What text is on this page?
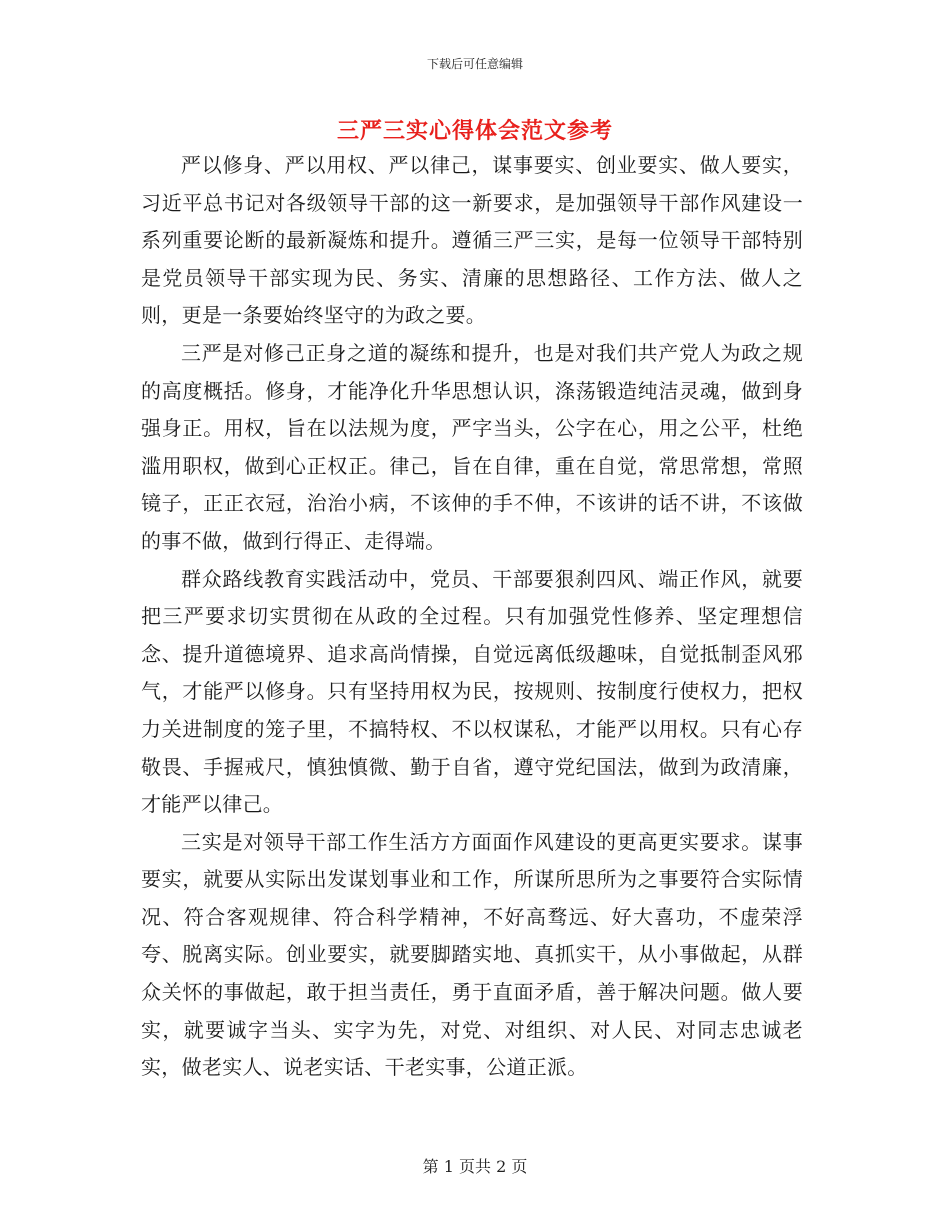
下载后可任意编辑
三严三实心得体会范文参考

严以修身、严以用权、严以律己，谋事要实、创业要实、做人要实，习近平总书记对各级领导干部的这一新要求，是加强领导干部作风建设一系列重要论断的最新凝炼和提升。遵循三严三实，是每一位领导干部特别是党员领导干部实现为民、务实、清廉的思想路径、工作方法、做人之则，更是一条要始终坚守的为政之要。

三严是对修己正身之道的凝练和提升，也是对我们共产党人为政之规的高度概括。修身，才能净化升华思想认识，涤荡锻造纯洁灵魂，做到身强身正。用权，旨在以法规为度，严字当头，公字在心，用之公平，杜绝滥用职权，做到心正权正。律己，旨在自律，重在自觉，常思常想，常照镜子，正正衣冠，治治小病，不该伸的手不伸，不该讲的话不讲，不该做的事不做，做到行得正、走得端。

群众路线教育实践活动中，党员、干部要狠刹四风、端正作风，就要把三严要求切实贯彻在从政的全过程。只有加强党性修养、坚定理想信念、提升道德境界、追求高尚情操，自觉远离低级趣味，自觉抵制歪风邪气，才能严以修身。只有坚持用权为民，按规则、按制度行使权力，把权力关进制度的笼子里，不搞特权、不以权谋私，才能严以用权。只有心存敬畏、手握戒尺，慎独慎微、勤于自省，遵守党纪国法，做到为政清廉，才能严以律己。

三实是对领导干部工作生活方方面面作风建设的更高更实要求。谋事要实，就要从实际出发谋划事业和工作，所谋所思所为之事要符合实际情况、符合客观规律、符合科学精神，不好高骛远、好大喜功，不虚荣浮夸、脱离实际。创业要实，就要脚踏实地、真抓实干，从小事做起，从群众关怀的事做起，敢于担当责任，勇于直面矛盾，善于解决问题。做人要实，就要诚字当头、实字为先，对党、对组织、对人民、对同志忠诚老实，做老实人、说老实话、干老实事，公道正派。

第 1 页共 2 页
